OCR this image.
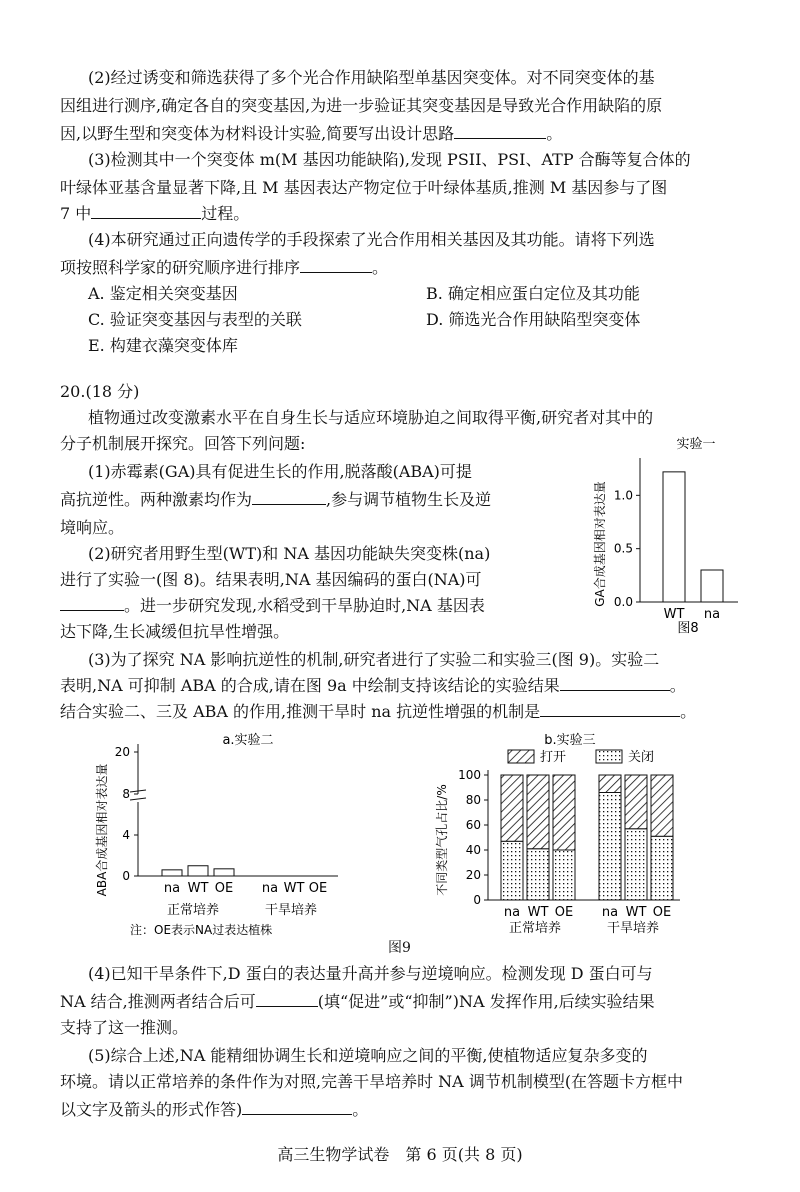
(2)经过诱变和筛选获得了多个光合作用缺陷型单基因突变体。对不同突变体的基
因组进行测序,确定各自的突变基因,为进一步验证其突变基因是导致光合作用缺陷的原
因,以野生型和突变体为材料设计实验,简要写出设计思路	。
(3)检测其中一个突变体 m(M 基因功能缺陷),发现 PSII、PSI、ATP 合酶等复合体的
叶绿体亚基含量显著下降,且 M 基因表达产物定位于叶绿体基质,推测 M 基因参与了图
7 中	过程。
(4)本研究通过正向遗传学的手段探索了光合作用相关基因及其功能。请将下列选
项按照科学家的研究顺序进行排序	。
A. 鉴定相关突变基因	B. 确定相应蛋白定位及其功能
C. 验证突变基因与表型的关联	D. 筛选光合作用缺陷型突变体
E. 构建衣藻突变体库
20.(18 分)
植物通过改变激素水平在自身生长与适应环境胁迫之间取得平衡,研究者对其中的
分子机制展开探究。回答下列问题:
(1)赤霉素(GA)具有促进生长的作用,脱落酸(ABA)可提
高抗逆性。两种激素均作为	,参与调节植物生长及逆
境响应。
(2)研究者用野生型(WT)和 NA 基因功能缺失突变株(na)
进行了实验一(图 8)。结果表明,NA 基因编码的蛋白(NA)可
。进一步研究发现,水稻受到干旱胁迫时,NA 基因表
达下降,生长减缓但抗旱性增强。
(3)为了探究 NA 影响抗逆性的机制,研究者进行了实验二和实验三(图 9)。实验二
表明,NA 可抑制 ABA 的合成,请在图 9a 中绘制支持该结论的实验结果	。
结合实验二、三及 ABA 的作用,推测干旱时 na 抗逆性增强的机制是	。
实验一
GA合成基因相对表达量 0.0
0.5
1.0
WT na
图8
a.实验二
ABA合成基因相对表达量 0
4
8
20
na WT OE na WT OE
正常培养	干旱培养
注：OE表示NA过表达植株
b.实验三
打开	关闭
不同类型气孔占比/%
0
20
40
60
80
100
na WT OE na WT OE
正常培养	干旱培养
图9
(4)已知干旱条件下,D 蛋白的表达量升高并参与逆境响应。检测发现 D 蛋白可与
NA 结合,推测两者结合后可	(填“促进”或“抑制”)NA 发挥作用,后续实验结果
支持了这一推测。
(5)综合上述,NA 能精细协调生长和逆境响应之间的平衡,使植物适应复杂多变的
环境。请以正常培养的条件作为对照,完善干旱培养时 NA 调节机制模型(在答题卡方框中
以文字及箭头的形式作答)	。
高三生物学试卷　第 6 页(共 8 页)
